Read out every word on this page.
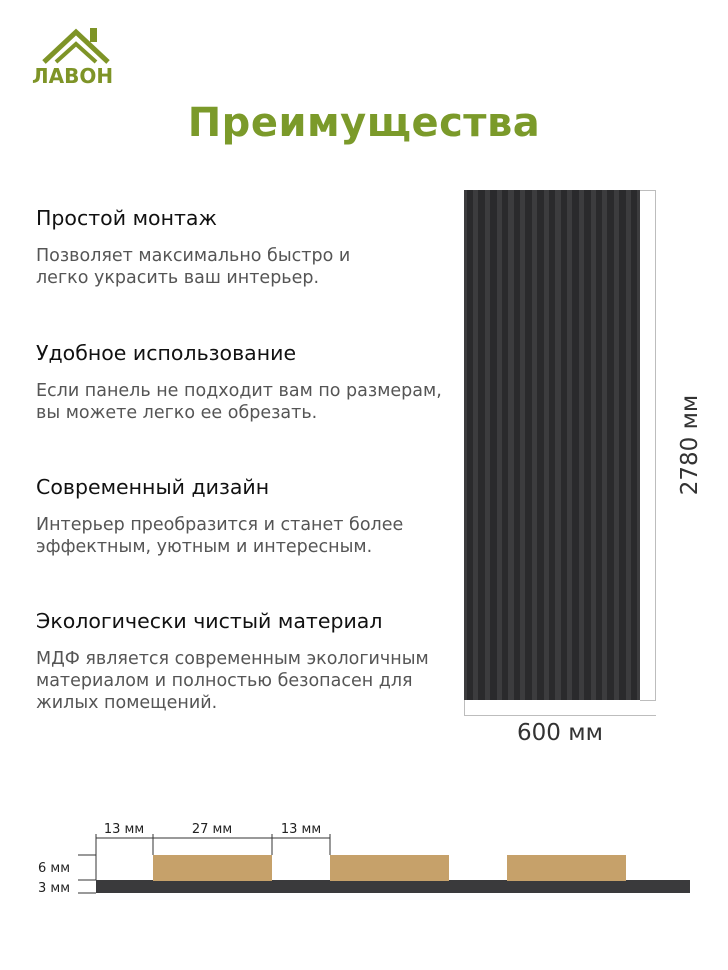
ЛАВОН
Преимущества
Простой монтаж

Позволяет максимально быстро и легко украсить ваш интерьер.

Удобное использование

Если панель не подходит вам по размерам, вы можете легко ее обрезать.

Современный дизайн

Интерьер преобразится и станет более эффектным, уютным и интересным.

Экологически чистый материал

МДФ является современным экологичным материалом и полностью безопасен для жилых помещений.

2780 мм
600 мм
13 мм	27 мм	13 мм
6 мм
3 мм
